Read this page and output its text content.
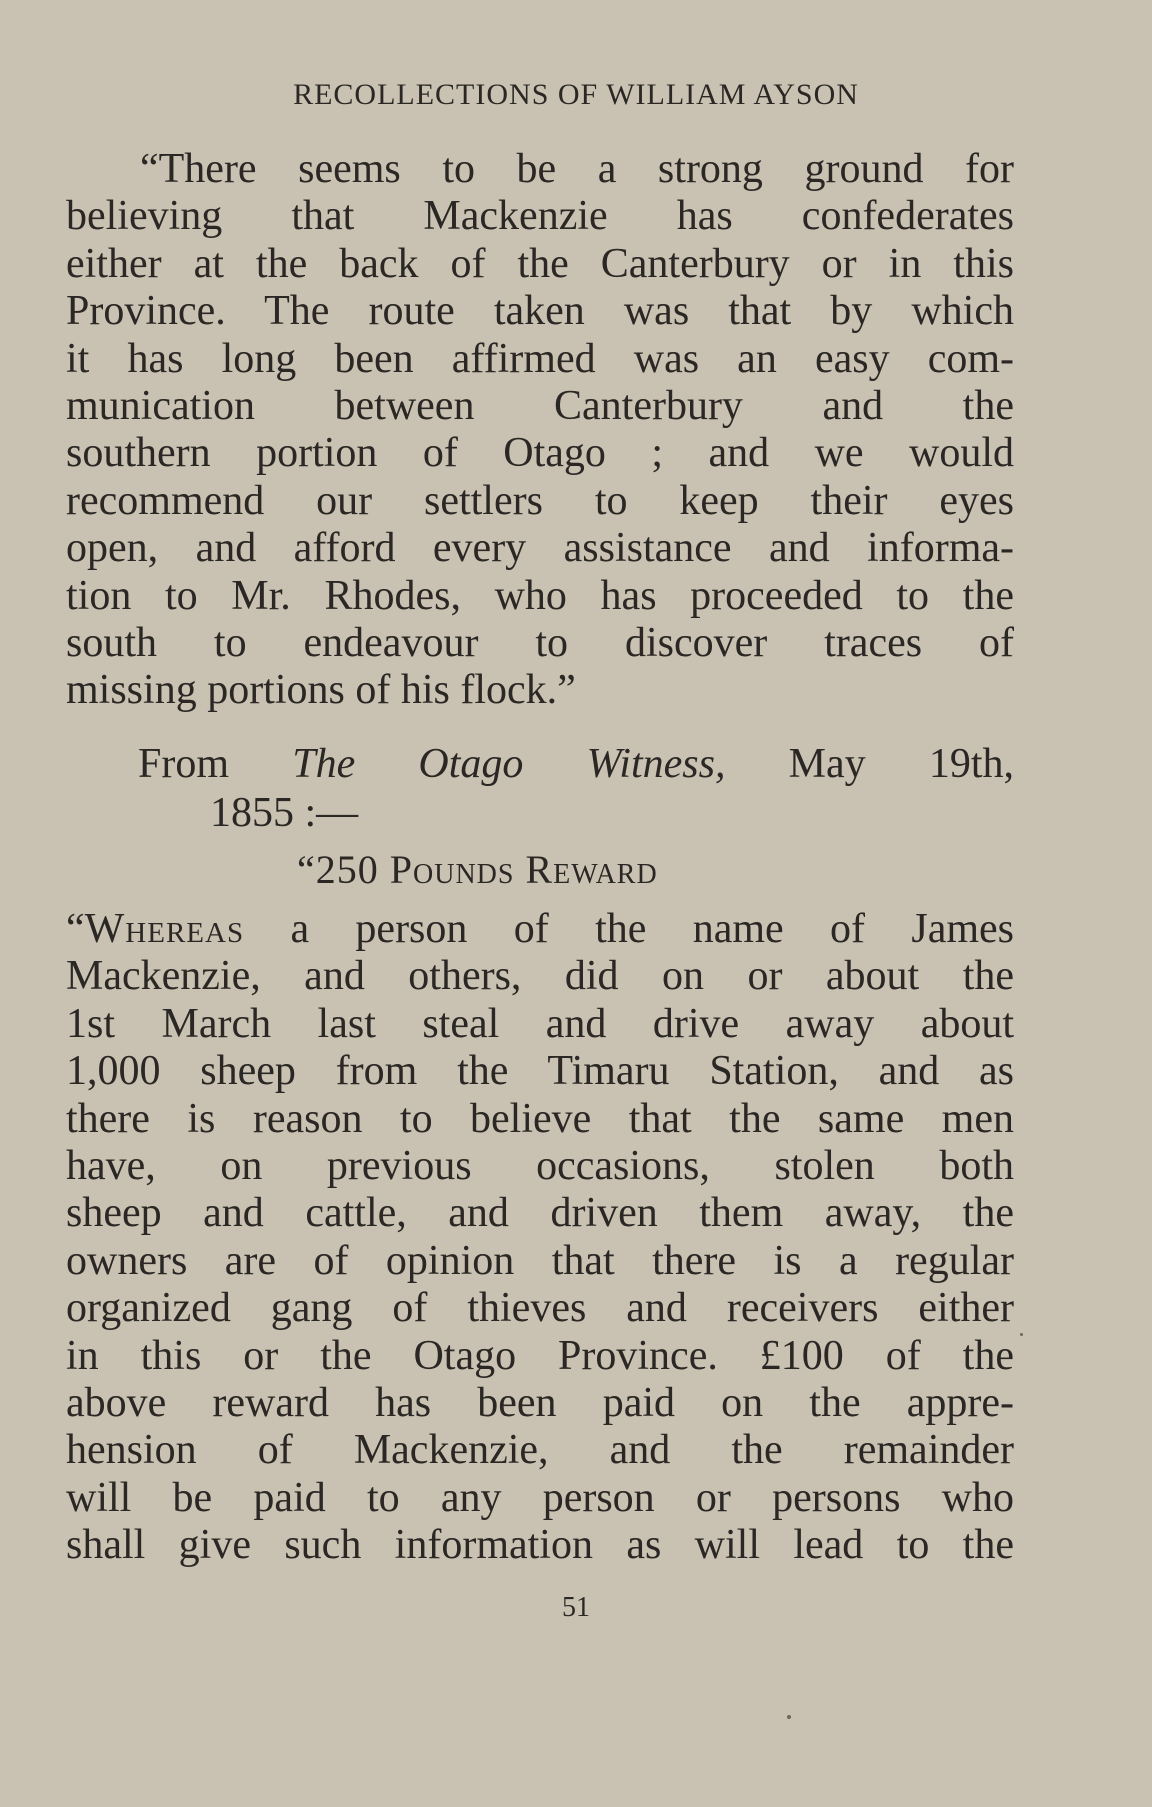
RECOLLECTIONS OF WILLIAM AYSON
“There seems to be a strong ground for
believing that Mackenzie has confederates
either at the back of the Canterbury or in this
Province. The route taken was that by which
it has long been affirmed was an easy com-
munication between Canterbury and the
southern portion of Otago ; and we would
recommend our settlers to keep their eyes
open, and afford every assistance and informa-
tion to Mr. Rhodes, who has proceeded to the
south to endeavour to discover traces of
missing portions of his flock.”
From The Otago Witness, May 19th,
1855 :—
“250 Pounds Reward
“Whereas a person of the name of James
Mackenzie, and others, did on or about the
1st March last steal and drive away about
1,000 sheep from the Timaru Station, and as
there is reason to believe that the same men
have, on previous occasions, stolen both
sheep and cattle, and driven them away, the
owners are of opinion that there is a regular
organized gang of thieves and receivers either
in this or the Otago Province. £100 of the
above reward has been paid on the appre-
hension of Mackenzie, and the remainder
will be paid to any person or persons who
shall give such information as will lead to the
51
